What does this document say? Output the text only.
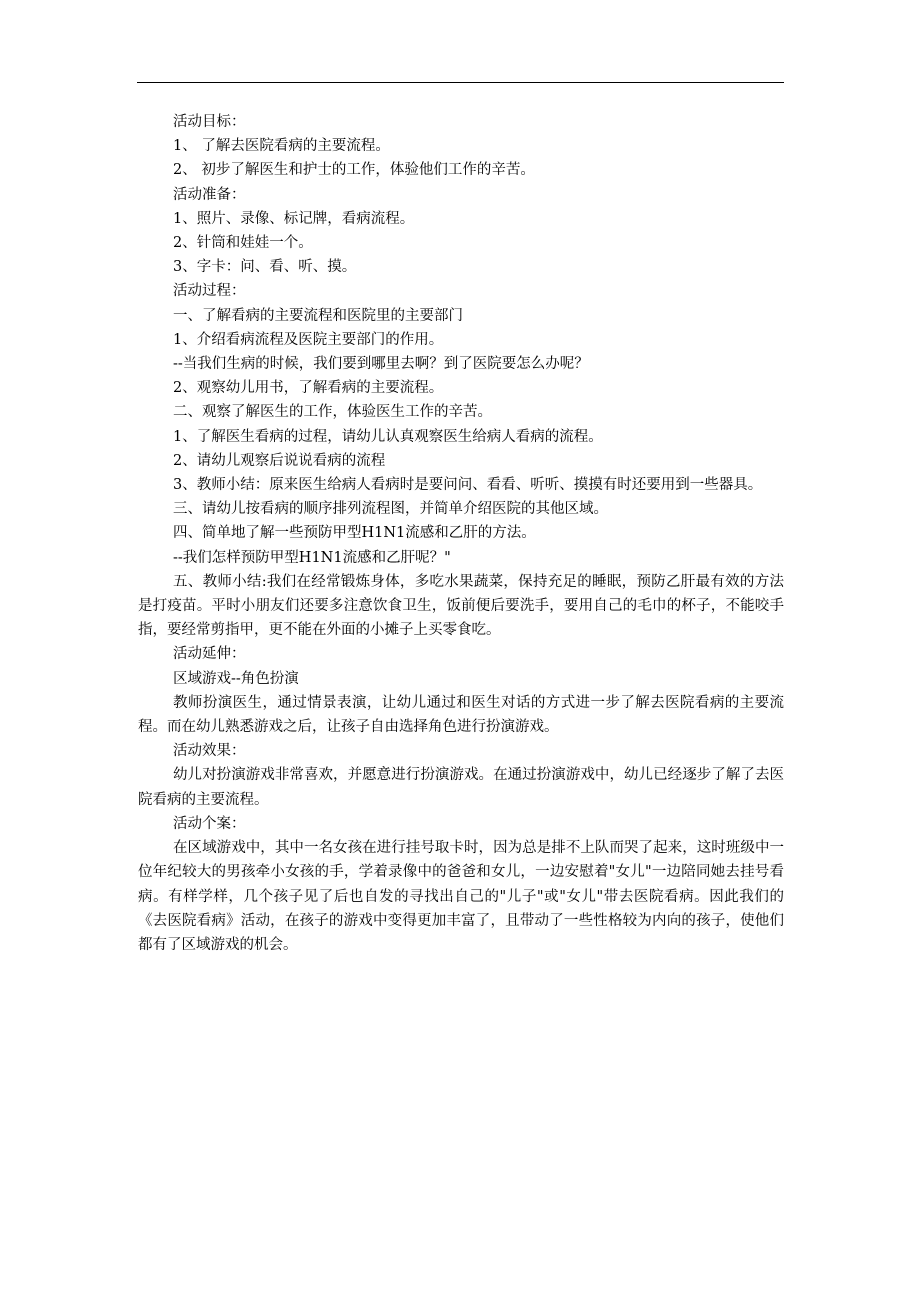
活动目标：

1、 了解去医院看病的主要流程。

2、 初步了解医生和护士的工作，体验他们工作的辛苦。

活动准备：

1、照片、录像、标记牌，看病流程。

2、针筒和娃娃一个。

3、字卡：问、看、听、摸。

活动过程：

一、了解看病的主要流程和医院里的主要部门

1、介绍看病流程及医院主要部门的作用。

--当我们生病的时候，我们要到哪里去啊？到了医院要怎么办呢？

2、观察幼儿用书，了解看病的主要流程。

二、观察了解医生的工作，体验医生工作的辛苦。

1、了解医生看病的过程，请幼儿认真观察医生给病人看病的流程。

2、请幼儿观察后说说看病的流程

3、教师小结：原来医生给病人看病时是要问问、看看、听听、摸摸有时还要用到一些器具。

三、请幼儿按看病的顺序排列流程图，并简单介绍医院的其他区域。

四、简单地了解一些预防甲型H1N1流感和乙肝的方法。

--我们怎样预防甲型H1N1流感和乙肝呢？"

五、教师小结:我们在经常锻炼身体，多吃水果蔬菜，保持充足的睡眠，预防乙肝最有效的方法是打疫苗。平时小朋友们还要多注意饮食卫生，饭前便后要洗手，要用自己的毛巾的杯子，不能咬手指，要经常剪指甲，更不能在外面的小摊子上买零食吃。

活动延伸：

区域游戏--角色扮演

教师扮演医生，通过情景表演，让幼儿通过和医生对话的方式进一步了解去医院看病的主要流程。而在幼儿熟悉游戏之后，让孩子自由选择角色进行扮演游戏。

活动效果：

幼儿对扮演游戏非常喜欢，并愿意进行扮演游戏。在通过扮演游戏中，幼儿已经逐步了解了去医院看病的主要流程。

活动个案：

在区域游戏中，其中一名女孩在进行挂号取卡时，因为总是排不上队而哭了起来，这时班级中一位年纪较大的男孩牵小女孩的手，学着录像中的爸爸和女儿，一边安慰着"女儿"一边陪同她去挂号看病。有样学样，几个孩子见了后也自发的寻找出自己的"儿子"或"女儿"带去医院看病。因此我们的《去医院看病》活动，在孩子的游戏中变得更加丰富了，且带动了一些性格较为内向的孩子，使他们都有了区域游戏的机会。
